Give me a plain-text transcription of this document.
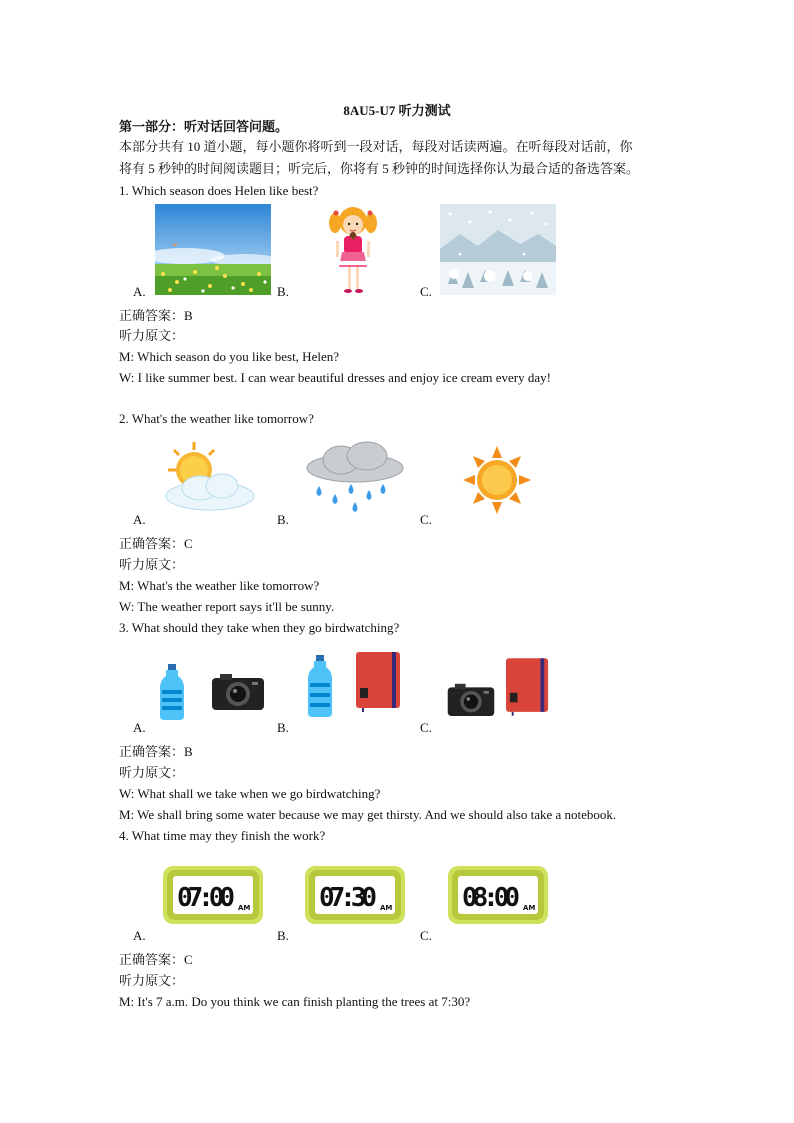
8AU5-U7 听力测试
第一部分：听对话回答问题。
本部分共有 10 道小题，每小题你将听到一段对话，每段对话读两遍。在听每段对话前，你
将有 5 秒钟的时间阅读题目；听完后，你将有 5 秒钟的时间选择你认为最合适的备选答案。
1. Which season does Helen like best?
A.	B.	C.
正确答案：B
听力原文：
M: Which season do you like best, Helen?
W: I like summer best. I can wear beautiful dresses and enjoy ice cream every day!
2. What's the weather like tomorrow?
A.	B.	C.
正确答案：C
听力原文：
M: What's the weather like tomorrow?
W: The weather report says it'll be sunny.
3. What should they take when they go birdwatching?
A.	B.	C.
正确答案：B
听力原文：
W: What shall we take when we go birdwatching?
M: We shall bring some water because we may get thirsty. And we should also take a notebook.
4. What time may they finish the work?
07:00 AM	07:30 AM	08:00 AM
A.	B.	C.
正确答案：C
听力原文：
M: It's 7 a.m. Do you think we can finish planting the trees at 7:30?
